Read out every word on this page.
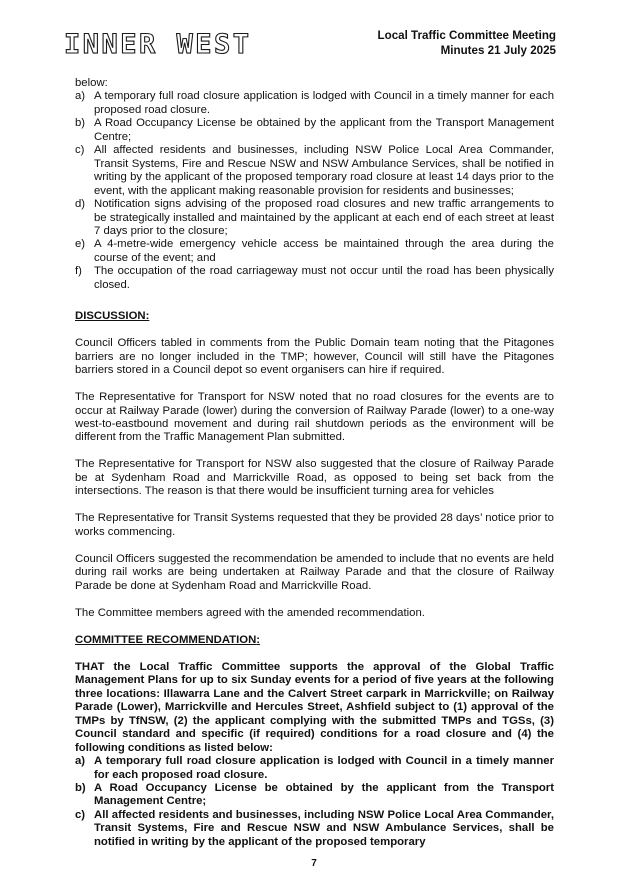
INNER WEST	Local Traffic Committee Meeting
Minutes 21 July 2025

below:

a) A temporary full road closure application is lodged with Council in a timely manner for each proposed road closure.
b) A Road Occupancy License be obtained by the applicant from the Transport Management Centre;
c) All affected residents and businesses, including NSW Police Local Area Commander, Transit Systems, Fire and Rescue NSW and NSW Ambulance Services, shall be notified in writing by the applicant of the proposed temporary road closure at least 14 days prior to the event, with the applicant making reasonable provision for residents and businesses;
d) Notification signs advising of the proposed road closures and new traffic arrangements to be strategically installed and maintained by the applicant at each end of each street at least 7 days prior to the closure;
e) A 4-metre-wide emergency vehicle access be maintained through the area during the course of the event; and
f) The occupation of the road carriageway must not occur until the road has been physically closed.

DISCUSSION:

Council Officers tabled in comments from the Public Domain team noting that the Pitagones barriers are no longer included in the TMP; however, Council will still have the Pitagones barriers stored in a Council depot so event organisers can hire if required.

The Representative for Transport for NSW noted that no road closures for the events are to occur at Railway Parade (lower) during the conversion of Railway Parade (lower) to a one-way west-to-eastbound movement and during rail shutdown periods as the environment will be different from the Traffic Management Plan submitted.

The Representative for Transport for NSW also suggested that the closure of Railway Parade be at Sydenham Road and Marrickville Road, as opposed to being set back from the intersections. The reason is that there would be insufficient turning area for vehicles

The Representative for Transit Systems requested that they be provided 28 days’ notice prior to works commencing.

Council Officers suggested the recommendation be amended to include that no events are held during rail works are being undertaken at Railway Parade and that the closure of Railway Parade be done at Sydenham Road and Marrickville Road.

The Committee members agreed with the amended recommendation.

COMMITTEE RECOMMENDATION:

THAT the Local Traffic Committee supports the approval of the Global Traffic Management Plans for up to six Sunday events for a period of five years at the following three locations: Illawarra Lane and the Calvert Street carpark in Marrickville; on Railway Parade (Lower), Marrickville and Hercules Street, Ashfield subject to (1) approval of the TMPs by TfNSW, (2) the applicant complying with the submitted TMPs and TGSs, (3) Council standard and specific (if required) conditions for a road closure and (4) the following conditions as listed below:

a) A temporary full road closure application is lodged with Council in a timely manner for each proposed road closure.
b) A Road Occupancy License be obtained by the applicant from the Transport Management Centre;
c) All affected residents and businesses, including NSW Police Local Area Commander, Transit Systems, Fire and Rescue NSW and NSW Ambulance Services, shall be notified in writing by the applicant of the proposed temporary
7
